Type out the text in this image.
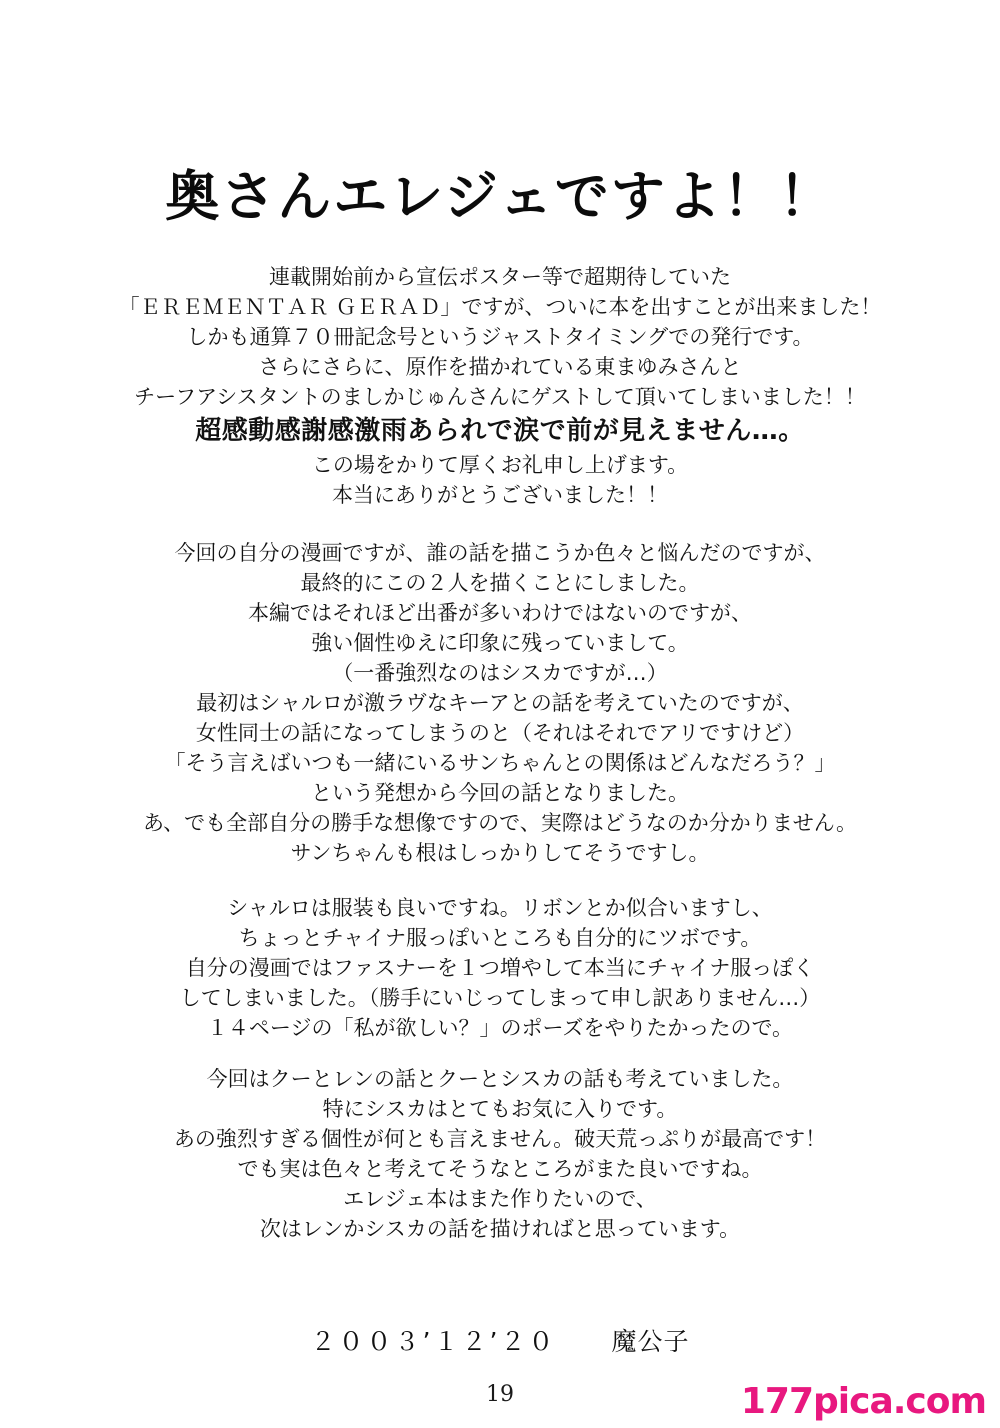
奥さんエレジェですよ！！

連載開始前から宣伝ポスター等で超期待していた

「ＥＲＥＭＥＮＴＡＲ ＧＥＲＡＤ」ですが、ついに本を出すことが出来ました！

しかも通算７０冊記念号というジャストタイミングでの発行です。

さらにさらに、原作を描かれている東まゆみさんと

チーフアシスタントのましかじゅんさんにゲストして頂いてしまいました！！

超感動感謝感激雨あられで涙で前が見えません…。

この場をかりて厚くお礼申し上げます。

本当にありがとうございました！！

今回の自分の漫画ですが、誰の話を描こうか色々と悩んだのですが、

最終的にこの２人を描くことにしました。

本編ではそれほど出番が多いわけではないのですが、

強い個性ゆえに印象に残っていまして。

（一番強烈なのはシスカですが…）

最初はシャルロが激ラヴなキーアとの話を考えていたのですが、

女性同士の話になってしまうのと（それはそれでアリですけど）

「そう言えばいつも一緒にいるサンちゃんとの関係はどんなだろう？」

という発想から今回の話となりました。

あ、でも全部自分の勝手な想像ですので、実際はどうなのか分かりません。

サンちゃんも根はしっかりしてそうですし。

シャルロは服装も良いですね。リボンとか似合いますし、

ちょっとチャイナ服っぽいところも自分的にツボです。

自分の漫画ではファスナーを１つ増やして本当にチャイナ服っぽく

してしまいました。（勝手にいじってしまって申し訳ありません…）

１４ページの「私が欲しい？」のポーズをやりたかったので。

今回はクーとレンの話とクーとシスカの話も考えていました。

特にシスカはとてもお気に入りです。

あの強烈すぎる個性が何とも言えません。破天荒っぷりが最高です！

でも実は色々と考えてそうなところがまた良いですね。

エレジェ本はまた作りたいので、

次はレンかシスカの話を描ければと思っています。

２００３’１２’２０ 魔公子
19	177pica.com
